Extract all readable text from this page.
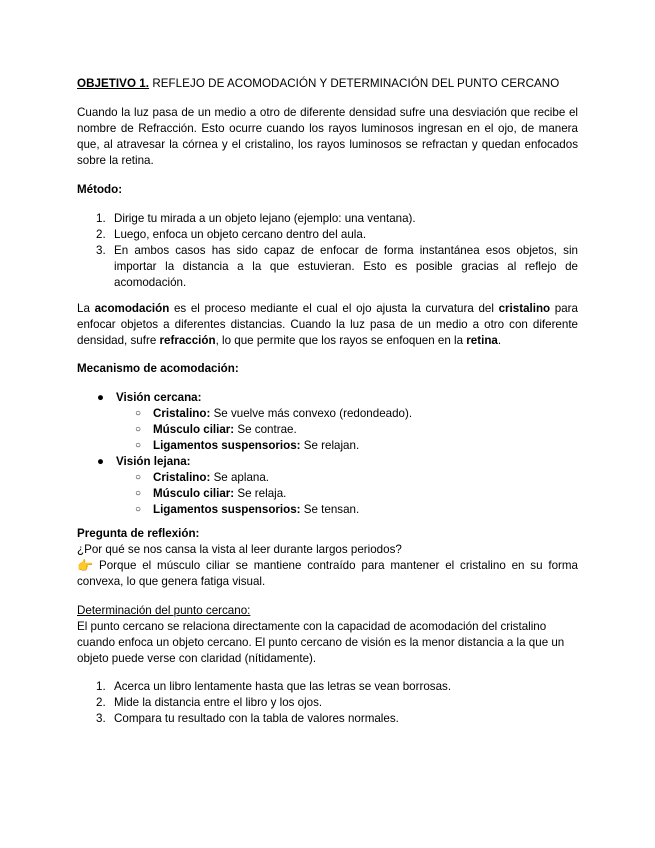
OBJETIVO 1. REFLEJO DE ACOMODACIÓN Y DETERMINACIÓN DEL PUNTO CERCANO

Cuando la luz pasa de un medio a otro de diferente densidad sufre una desviación que recibe el nombre de Refracción. Esto ocurre cuando los rayos luminosos ingresan en el ojo, de manera que, al atravesar la córnea y el cristalino, los rayos luminosos se refractan y quedan enfocados sobre la retina.

Método:

1. Dirige tu mirada a un objeto lejano (ejemplo: una ventana).
2. Luego, enfoca un objeto cercano dentro del aula.
3. En ambos casos has sido capaz de enfocar de forma instantánea esos objetos, sin importar la distancia a la que estuvieran. Esto es posible gracias al reflejo de acomodación.

La acomodación es el proceso mediante el cual el ojo ajusta la curvatura del cristalino para enfocar objetos a diferentes distancias. Cuando la luz pasa de un medio a otro con diferente densidad, sufre refracción, lo que permite que los rayos se enfoquen en la retina.

Mecanismo de acomodación:

● Visión cercana:
○ Cristalino: Se vuelve más convexo (redondeado).
○ Músculo ciliar: Se contrae.
○ Ligamentos suspensorios: Se relajan.
● Visión lejana:
○ Cristalino: Se aplana.
○ Músculo ciliar: Se relaja.
○ Ligamentos suspensorios: Se tensan.

Pregunta de reflexión:

¿Por qué se nos cansa la vista al leer durante largos periodos?

👉 Porque el músculo ciliar se mantiene contraído para mantener el cristalino en su forma convexa, lo que genera fatiga visual.

Determinación del punto cercano:

El punto cercano se relaciona directamente con la capacidad de acomodación del cristalino cuando enfoca un objeto cercano. El punto cercano de visión es la menor distancia a la que un objeto puede verse con claridad (nítidamente).

1. Acerca un libro lentamente hasta que las letras se vean borrosas.
2. Mide la distancia entre el libro y los ojos.
3. Compara tu resultado con la tabla de valores normales.
